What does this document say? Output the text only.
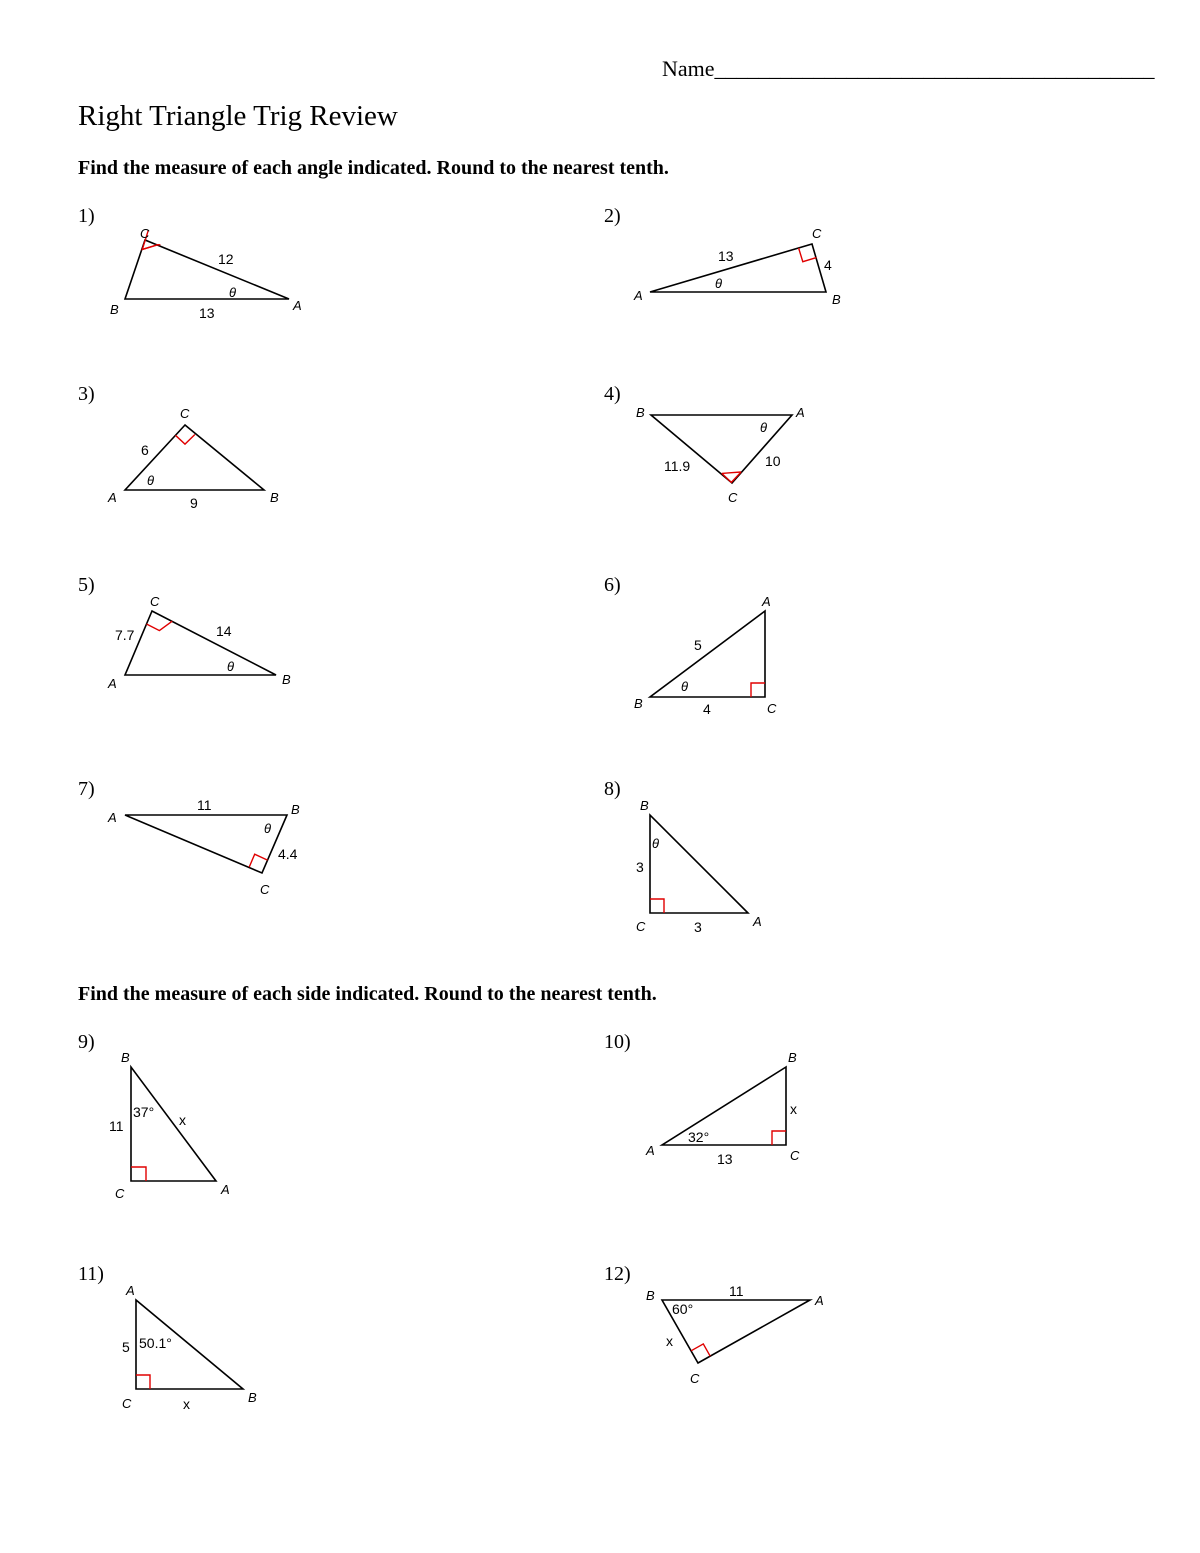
Name________________________________________
Right Triangle Trig Review
Find the measure of each angle indicated. Round to the nearest tenth.
Find the measure of each side indicated. Round to the nearest tenth.
1)	2)
3)	4)
5)	6)
7)	8)
9)	10)
11)	12)
C
B	A
12
13
θ
C
A	B
13
4
θ
C
A	B
6
9
θ
B	A
C
11.9	10
θ
C
A	B
7.7	14
θ
A
B	C
5
4
θ
A
B
C
11
4.4
θ
B
C	A
3
3
θ
B
C	A
11	x
37°
B
A	C
x
13
32°
A
C	B
5
x
50.1°
B	A
C
11
x
60°
